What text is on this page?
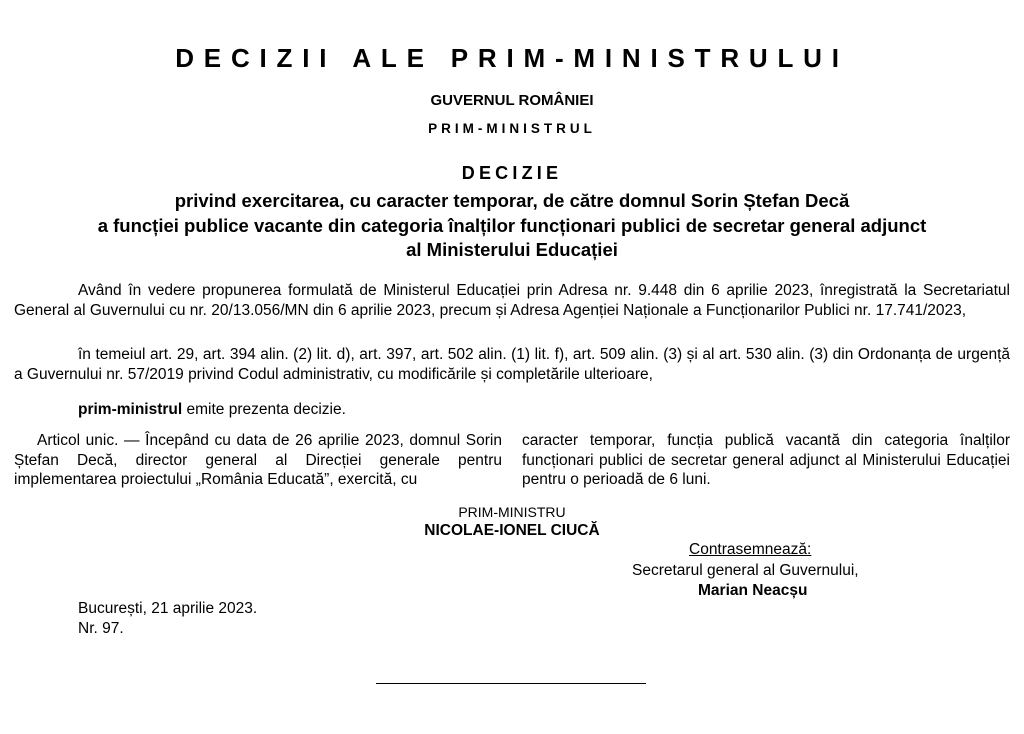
DECIZII ALE PRIM-MINISTRULUI
GUVERNUL ROMÂNIEI
PRIM-MINISTRUL
DECIZIE
privind exercitarea, cu caracter temporar, de către domnul Sorin Ștefan Decă
a funcției publice vacante din categoria înalților funcționari publici de secretar general adjunct
al Ministerului Educației
Având în vedere propunerea formulată de Ministerul Educației prin Adresa nr. 9.448 din 6 aprilie 2023, înregistrată la Secretariatul General al Guvernului cu nr. 20/13.056/MN din 6 aprilie 2023, precum și Adresa Agenției Naționale a Funcționarilor Publici nr. 17.741/2023,
în temeiul art. 29, art. 394 alin. (2) lit. d), art. 397, art. 502 alin. (1) lit. f), art. 509 alin. (3) și al art. 530 alin. (3) din Ordonanța de urgență a Guvernului nr. 57/2019 privind Codul administrativ, cu modificările și completările ulterioare,
prim-ministrul emite prezenta decizie.
Articol unic. — Începând cu data de 26 aprilie 2023, domnul Sorin Ștefan Decă, director general al Direcției generale pentru implementarea proiectului „România Educată”, exercită, cu
caracter temporar, funcția publică vacantă din categoria înalților funcționari publici de secretar general adjunct al Ministerului Educației pentru o perioadă de 6 luni.
PRIM-MINISTRU
NICOLAE-IONEL CIUCĂ
Contrasemnează:
Secretarul general al Guvernului,
Marian Neacșu
București, 21 aprilie 2023.
Nr. 97.
